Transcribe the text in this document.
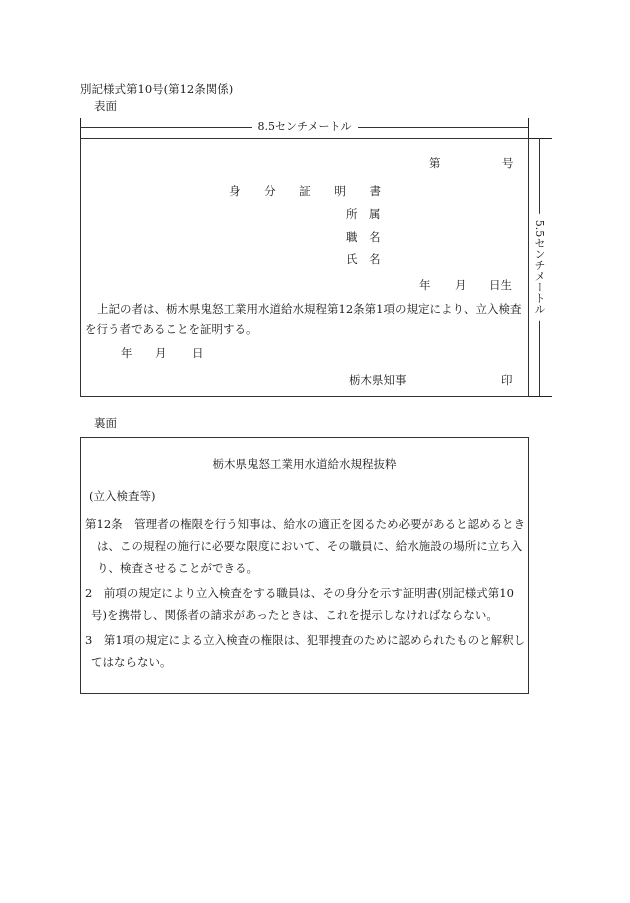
別記様式第10号(第12条関係)
表面
8.5センチメートル
5.5センチメートル
第	号
身 分 証 明 書
所　属
職　名
氏　名
年 月 日生
上記の者は、栃木県鬼怒工業用水道給水規程第12条第1項の規定により、立入検査
を行う者であることを証明する。
年 月 日
栃木県知事	印
裏面
栃木県鬼怒工業用水道給水規程抜粋
(立入検査等)
第12条　管理者の権限を行う知事は、給水の適正を図るため必要があると認めるとき
は、この規程の施行に必要な限度において、その職員に、給水施設の場所に立ち入
り、検査させることができる。
2　前項の規定により立入検査をする職員は、その身分を示す証明書(別記様式第10
号)を携帯し、関係者の請求があったときは、これを提示しなければならない。
3　第1項の規定による立入検査の権限は、犯罪捜査のために認められたものと解釈し
てはならない。
